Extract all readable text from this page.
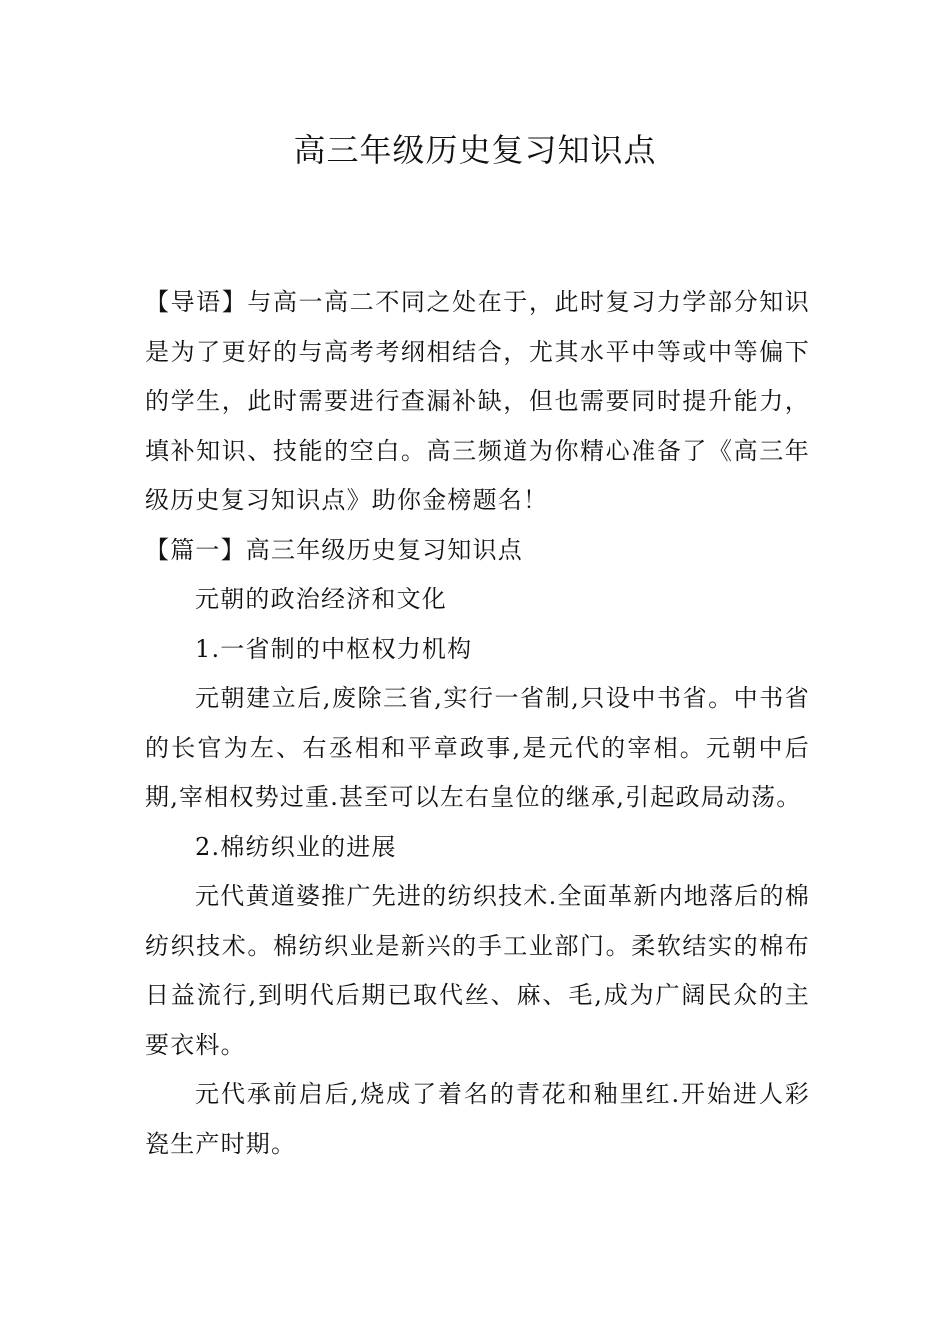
高三年级历史复习知识点

【导语】与高一高二不同之处在于，此时复习力学部分知识是为了更好的与高考考纲相结合，尤其水平中等或中等偏下的学生，此时需要进行查漏补缺，但也需要同时提升能力，填补知识、技能的空白。高三频道为你精心准备了《高三年级历史复习知识点》助你金榜题名！

【篇一】高三年级历史复习知识点

元朝的政治经济和文化

1.一省制的中枢权力机构

元朝建立后,废除三省,实行一省制,只设中书省。中书省的长官为左、右丞相和平章政事,是元代的宰相。元朝中后期,宰相权势过重.甚至可以左右皇位的继承,引起政局动荡。

2.棉纺织业的进展

元代黄道婆推广先进的纺织技术.全面革新内地落后的棉纺织技术。棉纺织业是新兴的手工业部门。柔软结实的棉布日益流行,到明代后期已取代丝、麻、毛,成为广阔民众的主要衣料。

元代承前启后,烧成了着名的青花和釉里红.开始进人彩瓷生产时期。
